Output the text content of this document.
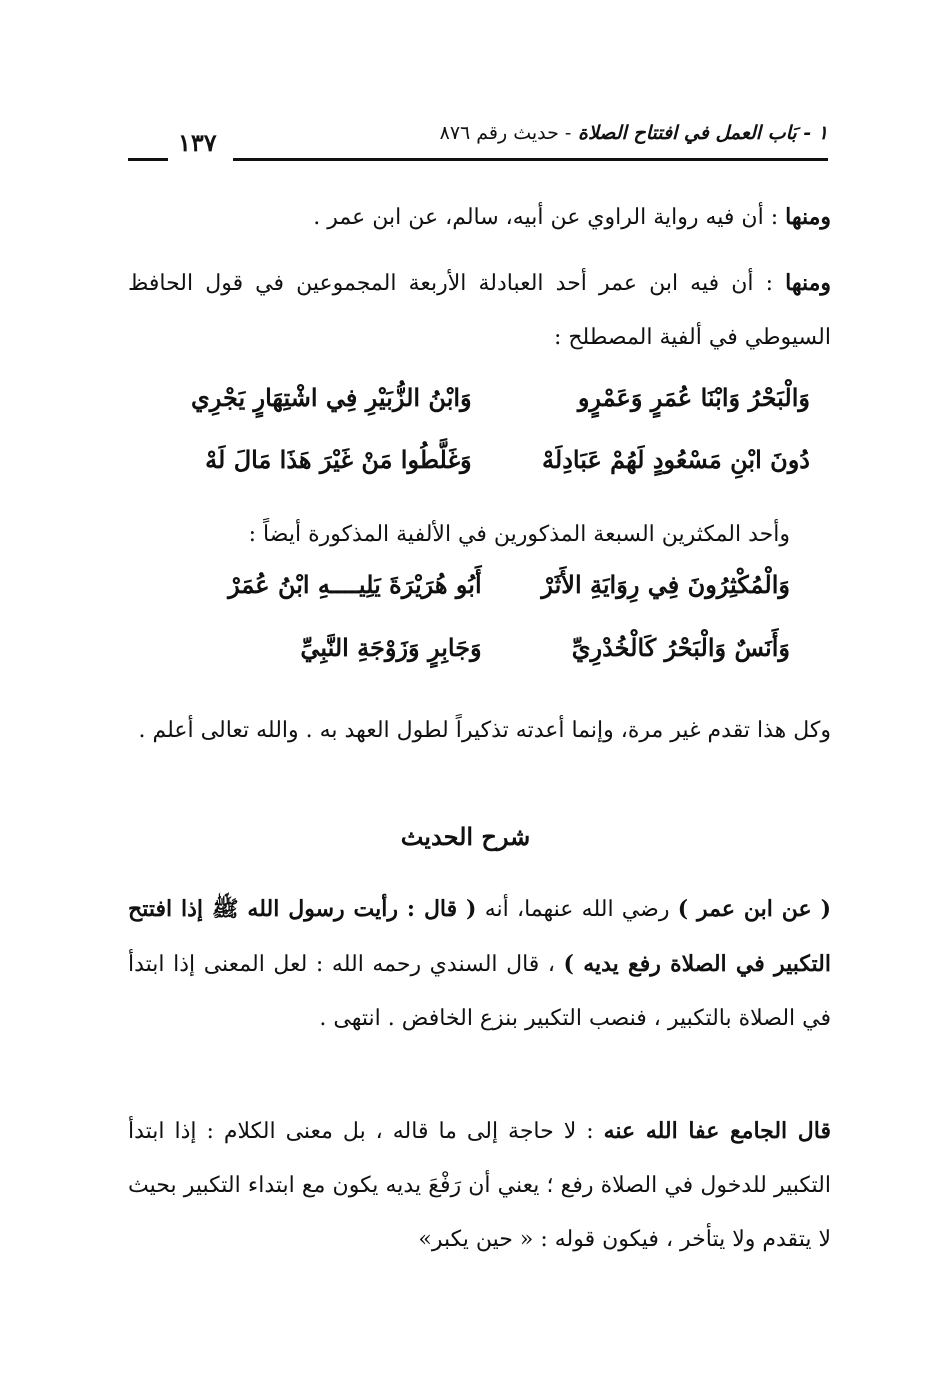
١ - بَاب العمل في افتتاح الصلاة - حديث رقم ٨٧٦
١٣٧
ومنها : أن فيه رواية الراوي عن أبيه، سالم، عن ابن عمر .
ومنها : أن فيه ابن عمر أحد العبادلة الأربعة المجموعين في قول الحافظ السيوطي في ألفية المصطلح :
وَالْبَحْرُ وَابْنَا عُمَرٍ وَعَمْرٍو وَابْنُ الزُّبَيْرِ فِي اشْتِهَارٍ يَجْرِي
دُونَ ابْنِ مَسْعُودٍ لَهُمْ عَبَادِلَهْ وَغَلَّطُوا مَنْ غَيْرَ هَذَا مَالَ لَهْ
وأحد المكثرين السبعة المذكورين في الألفية المذكورة أيضاً :
وَالْمُكْثِرُونَ فِي رِوَايَةِ الأَثَرْ أَبُو هُرَيْرَةَ يَلِيــــهِ ابْنُ عُمَرْ
وَأَنَسٌ وَالْبَحْرُ كَالْخُدْرِيِّ وَجَابِرٍ وَزَوْجَةِ النَّبِيِّ
وكل هذا تقدم غير مرة، وإنما أعدته تذكيراً لطول العهد به . والله تعالى أعلم .
شرح الحديث
( عن ابن عمر ) رضي الله عنهما، أنه ( قال : رأيت رسول الله ﷺ إذا افتتح التكبير في الصلاة رفع يديه ) ، قال السندي رحمه الله : لعل المعنى إذا ابتدأ في الصلاة بالتكبير ، فنصب التكبير بنزع الخافض . انتهى .
قال الجامع عفا الله عنه : لا حاجة إلى ما قاله ، بل معنى الكلام : إذا ابتدأ التكبير للدخول في الصلاة رفع ؛ يعني أن رَفْعَ يديه يكون مع ابتداء التكبير بحيث لا يتقدم ولا يتأخر ، فيكون قوله : « حين يكبر»
